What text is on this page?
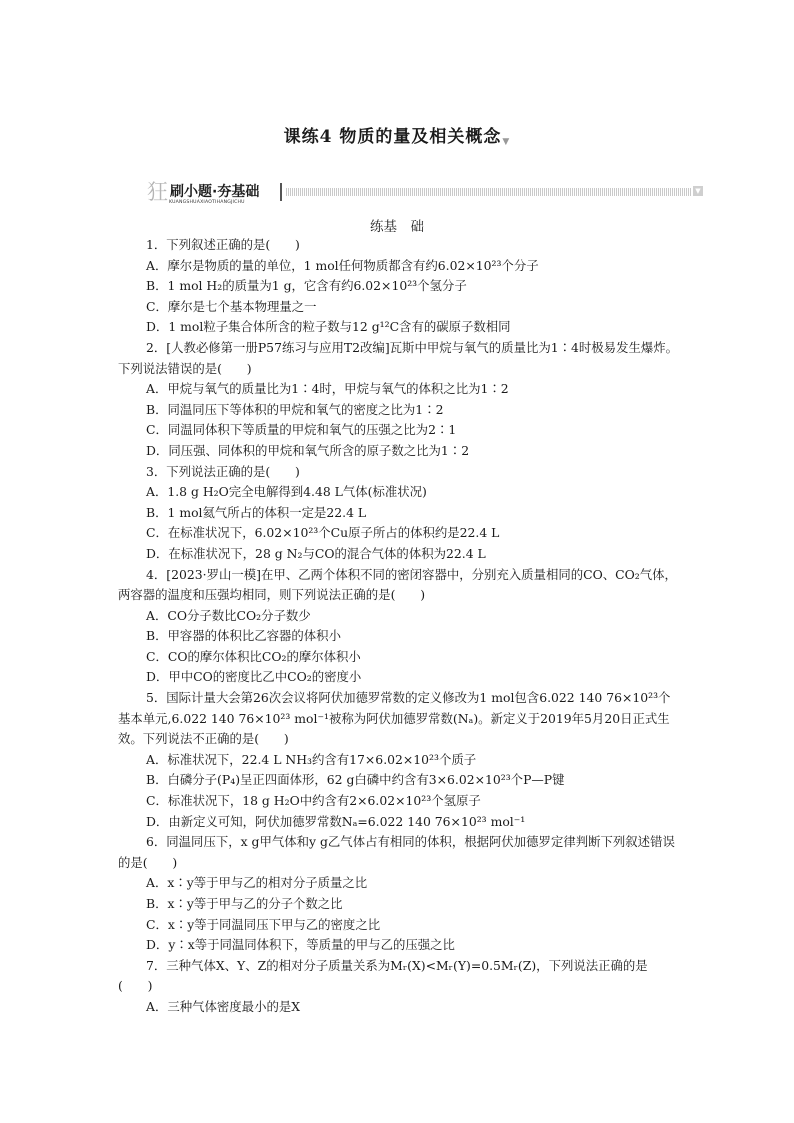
课练4 物质的量及相关概念▼
狂 刷小题·夯基础
KUANGSHUAXIAOTIHANGJICHU
▼
练基　础

1．下列叙述正确的是(　　)

A．摩尔是物质的量的单位，1 mol任何物质都含有约6.02×10²³个分子

B．1 mol H₂的质量为1 g，它含有约6.02×10²³个氢分子

C．摩尔是七个基本物理量之一

D．1 mol粒子集合体所含的粒子数与12 g¹²C含有的碳原子数相同

2．[人教必修第一册P57练习与应用T2改编]瓦斯中甲烷与氧气的质量比为1∶4时极易发生爆炸。下列说法错误的是(　　)

A．甲烷与氧气的质量比为1∶4时，甲烷与氧气的体积之比为1∶2

B．同温同压下等体积的甲烷和氧气的密度之比为1∶2

C．同温同体积下等质量的甲烷和氧气的压强之比为2∶1

D．同压强、同体积的甲烷和氧气所含的原子数之比为1∶2

3．下列说法正确的是(　　)

A．1.8 g H₂O完全电解得到4.48 L气体(标准状况)

B．1 mol氦气所占的体积一定是22.4 L

C．在标准状况下，6.02×10²³个Cu原子所占的体积约是22.4 L

D．在标准状况下，28 g N₂与CO的混合气体的体积为22.4 L

4．[2023·罗山一模]在甲、乙两个体积不同的密闭容器中，分别充入质量相同的CO、CO₂气体，两容器的温度和压强均相同，则下列说法正确的是(　　)

A．CO分子数比CO₂分子数少

B．甲容器的体积比乙容器的体积小

C．CO的摩尔体积比CO₂的摩尔体积小

D．甲中CO的密度比乙中CO₂的密度小

5．国际计量大会第26次会议将阿伏加德罗常数的定义修改为1 mol包含6.022 140 76×10²³个基本单元,6.022 140 76×10²³ mol⁻¹被称为阿伏加德罗常数(Nₐ)。新定义于2019年5月20日正式生效。下列说法不正确的是(　　)

A．标准状况下，22.4 L NH₃约含有17×6.02×10²³个质子

B．白磷分子(P₄)呈正四面体形，62 g白磷中约含有3×6.02×10²³个P—P键

C．标准状况下，18 g H₂O中约含有2×6.02×10²³个氢原子

D．由新定义可知，阿伏加德罗常数Nₐ=6.022 140 76×10²³ mol⁻¹

6．同温同压下，x g甲气体和y g乙气体占有相同的体积，根据阿伏加德罗定律判断下列叙述错误的是(　　)

A．x∶y等于甲与乙的相对分子质量之比

B．x∶y等于甲与乙的分子个数之比

C．x∶y等于同温同压下甲与乙的密度之比

D．y∶x等于同温同体积下，等质量的甲与乙的压强之比

7．三种气体X、Y、Z的相对分子质量关系为Mᵣ(X)<Mᵣ(Y)=0.5Mᵣ(Z)，下列说法正确的是(　　)

A．三种气体密度最小的是X
